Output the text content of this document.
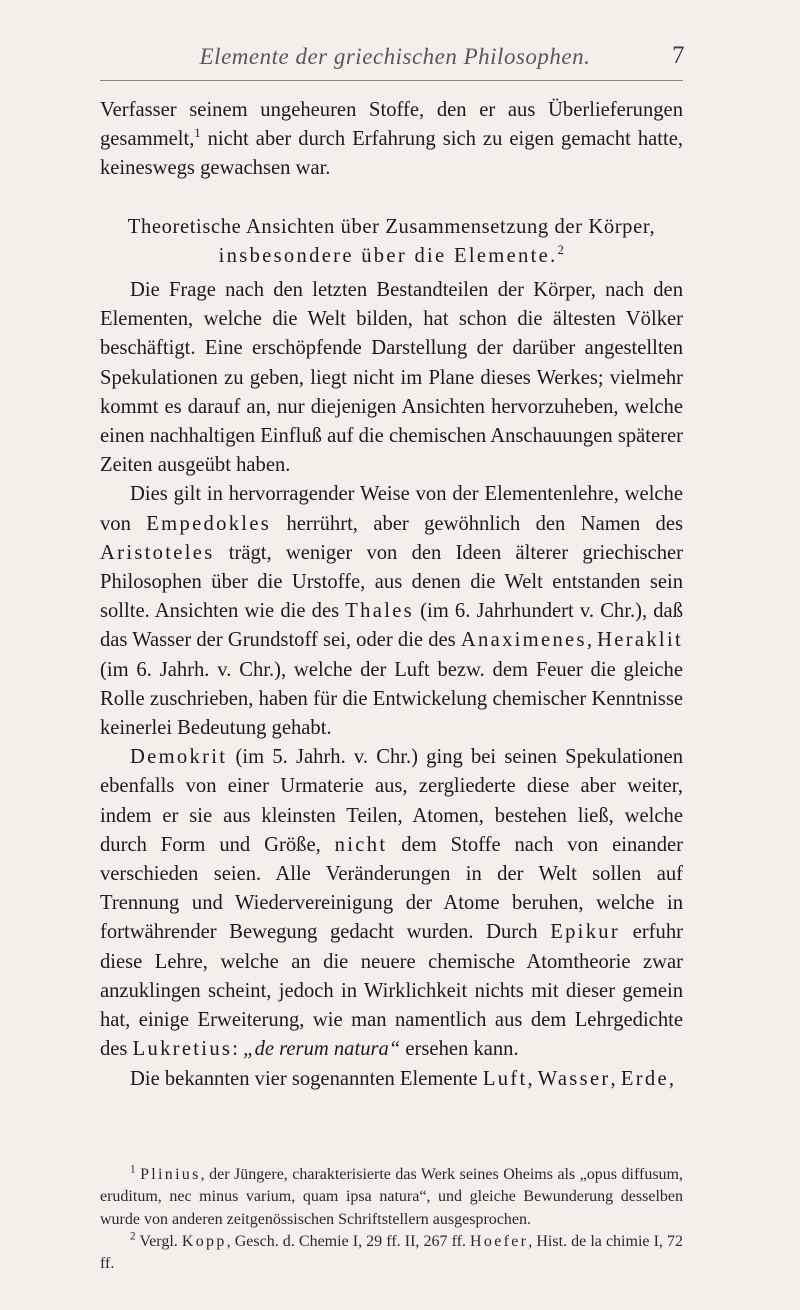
Elemente der griechischen Philosophen.	7

Verfasser seinem ungeheuren Stoffe, den er aus Überlieferungen gesammelt,$^1$ nicht aber durch Erfahrung sich zu eigen gemacht hatte, keineswegs gewachsen war.

Theoretische Ansichten über Zusammensetzung der Körper,
insbesondere über die Elemente.$^2$

Die Frage nach den letzten Bestandteilen der Körper, nach den Elementen, welche die Welt bilden, hat schon die ältesten Völker beschäftigt. Eine erschöpfende Darstellung der darüber angestellten Spekulationen zu geben, liegt nicht im Plane dieses Werkes; vielmehr kommt es darauf an, nur diejenigen Ansichten hervorzuheben, welche einen nachhaltigen Einfluß auf die chemischen Anschauungen späterer Zeiten ausgeübt haben.

Dies gilt in hervorragender Weise von der Elementenlehre, welche von Empedokles herrührt, aber gewöhnlich den Namen des Aristoteles trägt, weniger von den Ideen älterer griechischer Philosophen über die Urstoffe, aus denen die Welt entstanden sein sollte. Ansichten wie die des Thales (im 6. Jahrhundert v. Chr.), daß das Wasser der Grundstoff sei, oder die des Anaximenes, Heraklit (im 6. Jahrh. v. Chr.), welche der Luft bezw. dem Feuer die gleiche Rolle zuschrieben, haben für die Entwickelung chemischer Kenntnisse keinerlei Bedeutung gehabt.

Demokrit (im 5. Jahrh. v. Chr.) ging bei seinen Spekulationen ebenfalls von einer Urmaterie aus, zergliederte diese aber weiter, indem er sie aus kleinsten Teilen, Atomen, bestehen ließ, welche durch Form und Größe, nicht dem Stoffe nach von einander verschieden seien. Alle Veränderungen in der Welt sollen auf Trennung und Wiedervereinigung der Atome beruhen, welche in fortwährender Bewegung gedacht wurden. Durch Epikur erfuhr diese Lehre, welche an die neuere chemische Atomtheorie zwar anzuklingen scheint, jedoch in Wirklichkeit nichts mit dieser gemein hat, einige Erweiterung, wie man namentlich aus dem Lehrgedichte des Lukretius: „de rerum natura“ ersehen kann.

Die bekannten vier sogenannten Elemente Luft, Wasser, Erde,

$^1$ Plinius, der Jüngere, charakterisierte das Werk seines Oheims als „opus diffusum, eruditum, nec minus varium, quam ipsa natura“, und gleiche Bewunderung desselben wurde von anderen zeitgenössischen Schriftstellern ausgesprochen.

$^2$ Vergl. Kopp, Gesch. d. Chemie I, 29 ff. II, 267 ff. Hoefer, Hist. de la chimie I, 72 ff.
